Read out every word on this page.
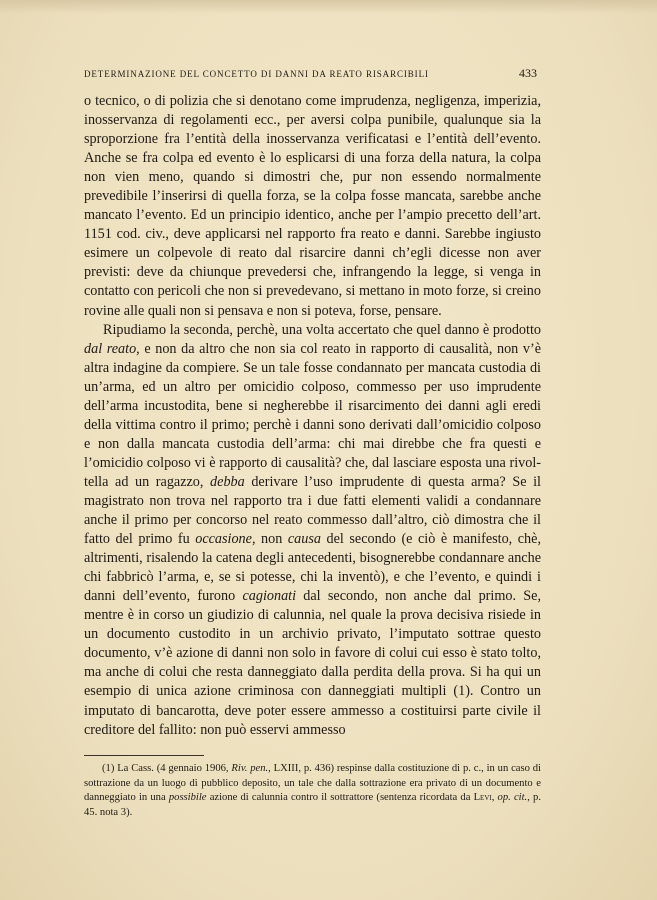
DETERMINAZIONE DEL CONCETTO DI DANNI DA REATO RISARCIBILI	433

o tecnico, o di polizia che si denotano come imprudenza, negligenza, imperizia, inosservanza di regolamenti ecc., per aversi colpa punibile, qualunque sia la sproporzione fra l’entità della inosservanza verificatasi e l’entità dell’evento. Anche se fra colpa ed evento è lo esplicarsi di una forza della natura, la colpa non vien meno, quando si dimostri che, pur non essendo normalmente prevedibile l’inserirsi di quella forza, se la colpa fosse mancata, sarebbe anche mancato l’evento. Ed un principio identico, anche per l’ampio precetto dell’art. 1151 cod. civ., deve applicarsi nel rapporto fra reato e danni. Sarebbe ingiusto esimere un colpevole di reato dal risarcire danni ch’egli dicesse non aver previsti: deve da chiunque prevedersi che, infrangendo la legge, si venga in contatto con pericoli che non si prevedevano, si mettano in moto forze, si creino rovine alle quali non si pensava e non si poteva, forse, pensare.

Ripudiamo la seconda, perchè, una volta accertato che quel danno è prodotto dal reato, e non da altro che non sia col reato in rapporto di causalità, non v’è altra indagine da compiere. Se un tale fosse condannato per mancata custodia di un’arma, ed un altro per omicidio colposo, commesso per uso imprudente dell’arma incustodita, bene si negherebbe il risarcimento dei danni agli eredi della vittima contro il primo; perchè i danni sono derivati dall’omicidio colposo e non dalla mancata custodia dell’arma: chi mai direbbe che fra questi e l’omicidio colposo vi è rapporto di causalità? che, dal lasciare esposta una rivoltella ad un ragazzo, debba derivare l’uso imprudente di questa arma? Se il magistrato non trova nel rapporto tra i due fatti elementi validi a condannare anche il primo per concorso nel reato commesso dall’altro, ciò dimostra che il fatto del primo fu occasione, non causa del secondo (e ciò è manifesto, chè, altrimenti, risalendo la catena degli antecedenti, bisognerebbe condannare anche chi fabbricò l’arma, e, se si potesse, chi la inventò), e che l’evento, e quindi i danni dell’evento, furono cagionati dal secondo, non anche dal primo. Se, mentre è in corso un giudizio di calunnia, nel quale la prova decisiva risiede in un documento custodito in un archivio privato, l’imputato sottrae questo documento, v’è azione di danni non solo in favore di colui cui esso è stato tolto, ma anche di colui che resta danneggiato dalla perdita della prova. Si ha qui un esempio di unica azione criminosa con danneggiati multipli (1). Contro un imputato di bancarotta, deve poter essere ammesso a costituirsi parte civile il creditore del fallito: non può esservi ammesso

(1) La Cass. (4 gennaio 1906, Riv. pen., LXIII, p. 436) respinse dalla costituzione di p. c., in un caso di sottrazione da un luogo di pubblico deposito, un tale che dalla sottrazione era privato di un documento e danneggiato in una possibile azione di calunnia contro il sottrattore (sentenza ricordata da Levi, op. cit., p. 45. nota 3).
